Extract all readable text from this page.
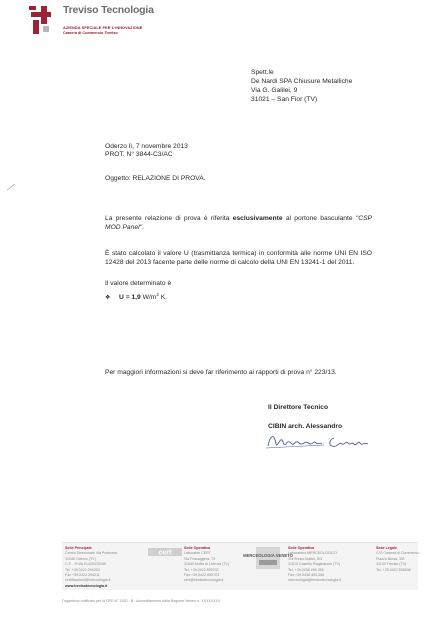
Treviso Tecnologia
AZIENDA SPECIALE PER L'INNOVAZIONE
Camera di Commercio Treviso
Spett.le
De Nardi SPA Chiusure Metalliche
Via G. Galilei, 9
31021 – San Fior (TV)
Oderzo lì, 7 novembre 2013
PROT. N° 3844-C3/AC
Oggetto: RELAZIONE DI PROVA.
La presente relazione di prova è riferita esclusivamente al portone basculante "CSP MOD Panel".
È stato calcolato il valore U (trasmittanza termica) in conformità alle norme UNI EN ISO 12428 del 2013 facente parte delle norme di calcolo della UNI EN 13241-1 del 2011.
Il valore determinato è
❖ U = 1,9 $W/m^2$ K.
Per maggiori informazioni si deve far riferimento ai rapporti di prova n° 223/13.
Il Direttore Tecnico
CIBIN arch. Alessandro
Sede Principale
Centro Direzionale Via Postumia
31046 Oderzo (TV)
C.F. - P.IVA 01425330269
Tel. +39.0422.294200
Fax +39.0422.294211
certificazioni@tvtecnologia.it
www.trevisotecnologia.it
cert
Sede Operativa
Laboratori CERT
Via Fossaggera, 74
31040 Motta di Livenza (TV)
Tel. +39.0422.890702
Fax +39.0422.890703
cert@trevisotecnologia.it
MERCEOLOGIA VENETO
Sede Operativa
Laboratorio MERCEOLOGICO
Via Enrico Mattei, 5/3
31010 Castello Roganzuolo (TV)
Tel. +39.0438.495.355
Fax +39.0438.495.356
merceologia@trevisotecnologia.it
Sede Legale
C/O Camera di Commercio
Piazza Borsa, 3/B
31100 Treviso (TV)
Tel. +39.0422.595838
Organismo notificato per la CPD N° 1920 - B - Accreditamento dalla Regione Veneto n. XXXXXXXX
